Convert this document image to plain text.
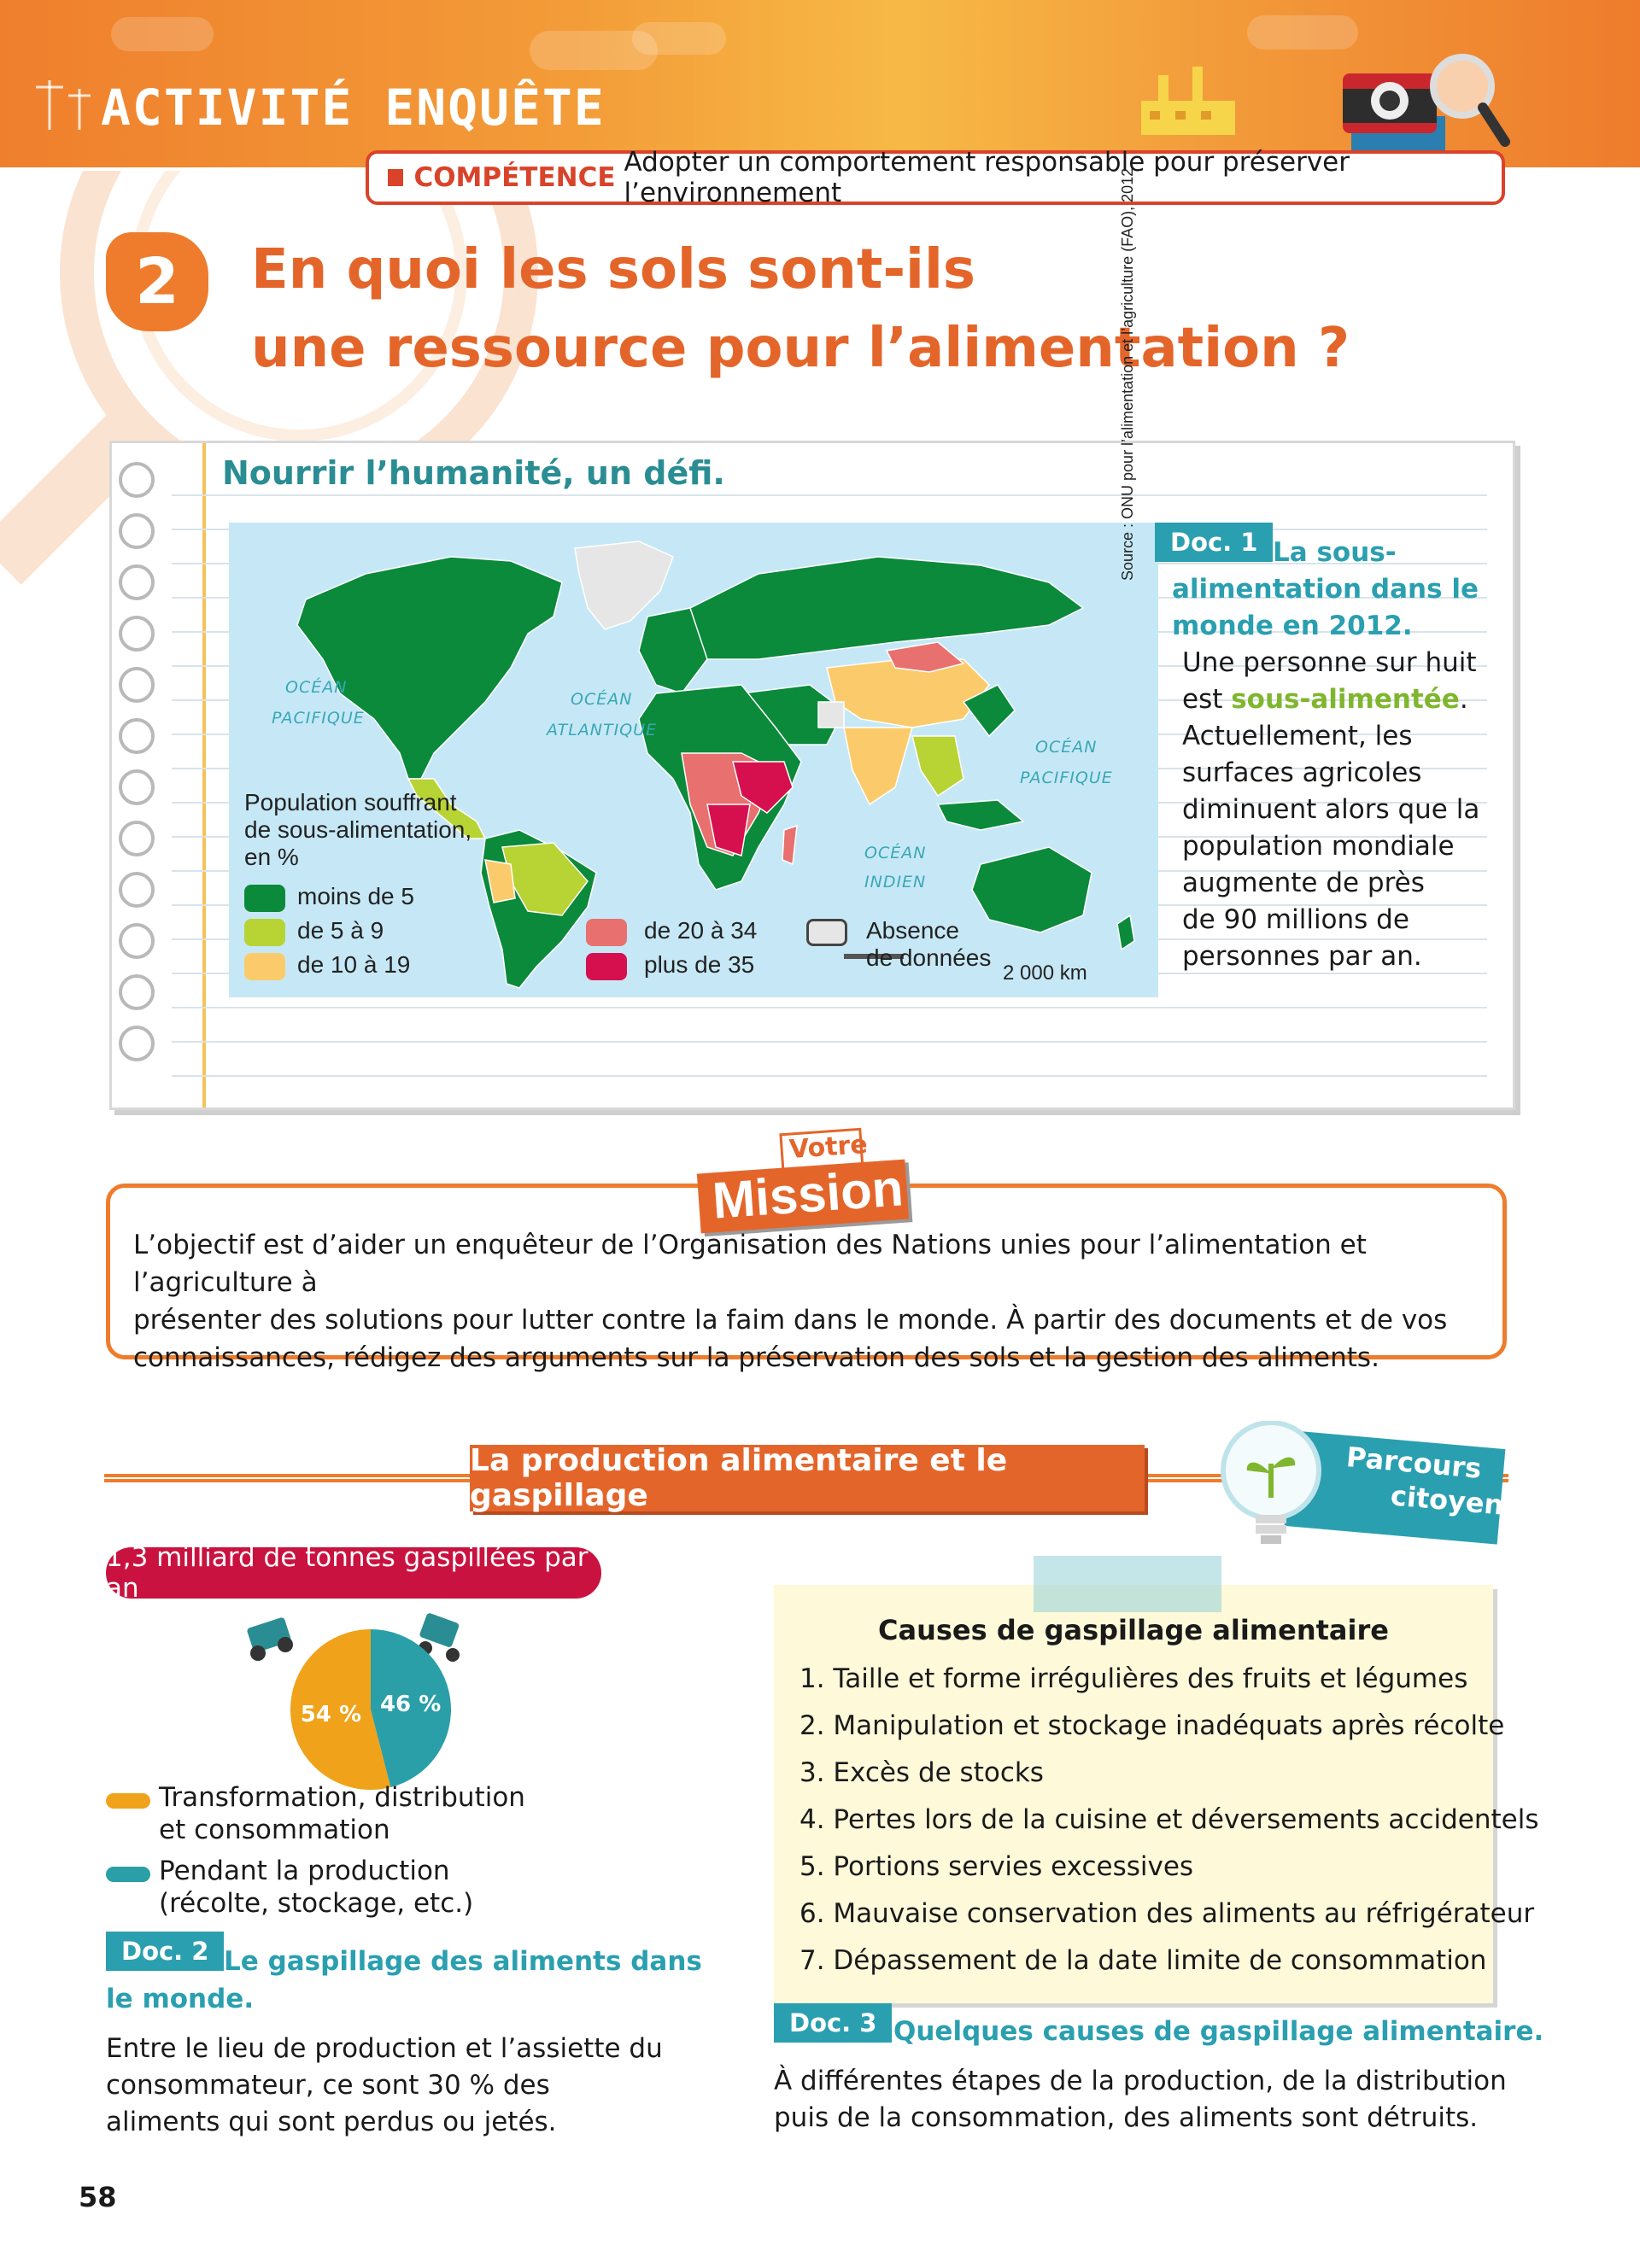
ACTIVITÉ ENQUÊTE
COMPÉTENCE Adopter un comportement responsable pour préserver l’environnement
2	En quoi les sols sont-ils
une ressource pour l’alimentation ?
Nourrir l’humanité, un défi.
OCÉAN
PACIFIQUE
OCÉAN
ATLANTIQUE
OCÉAN
INDIEN
OCÉAN
PACIFIQUE
Population souffrant
de sous-alimentation,
en %
moins de 5
de 5 à 9
de 10 à 19
de 20 à 34
plus de 35
Absence
de données
2 000 km
Source : ONU pour l’alimentation et l’agriculture (FAO), 2012.	Doc. 1 La sous-
alimentation dans le
monde en 2012.
Une personne sur huit
est sous-alimentée.
Actuellement, les
surfaces agricoles
diminuent alors que la
population mondiale
augmente de près
de 90 millions de
personnes par an.
Votre
Mission
L’objectif est d’aider un enquêteur de l’Organisation des Nations unies pour l’alimentation et l’agriculture à
présenter des solutions pour lutter contre la faim dans le monde. À partir des documents et de vos
connaissances, rédigez des arguments sur la préservation des sols et la gestion des aliments.
La production alimentaire et le gaspillage
Parcours
citoyen
1,3 milliard de tonnes gaspillées par an
54 % 46 %
Transformation, distribution
et consommation
Pendant la production
(récolte, stockage, etc.)
Doc. 2 Le gaspillage des aliments dans
le monde.
Entre le lieu de production et l’assiette du
consommateur, ce sont 30 % des
aliments qui sont perdus ou jetés.
Causes de gaspillage alimentaire
1. Taille et forme irrégulières des fruits et légumes
2. Manipulation et stockage inadéquats après récolte
3. Excès de stocks
4. Pertes lors de la cuisine et déversements accidentels
5. Portions servies excessives
6. Mauvaise conservation des aliments au réfrigérateur
7. Dépassement de la date limite de consommation
Doc. 3 Quelques causes de gaspillage alimentaire.
À différentes étapes de la production, de la distribution
puis de la consommation, des aliments sont détruits.
58
